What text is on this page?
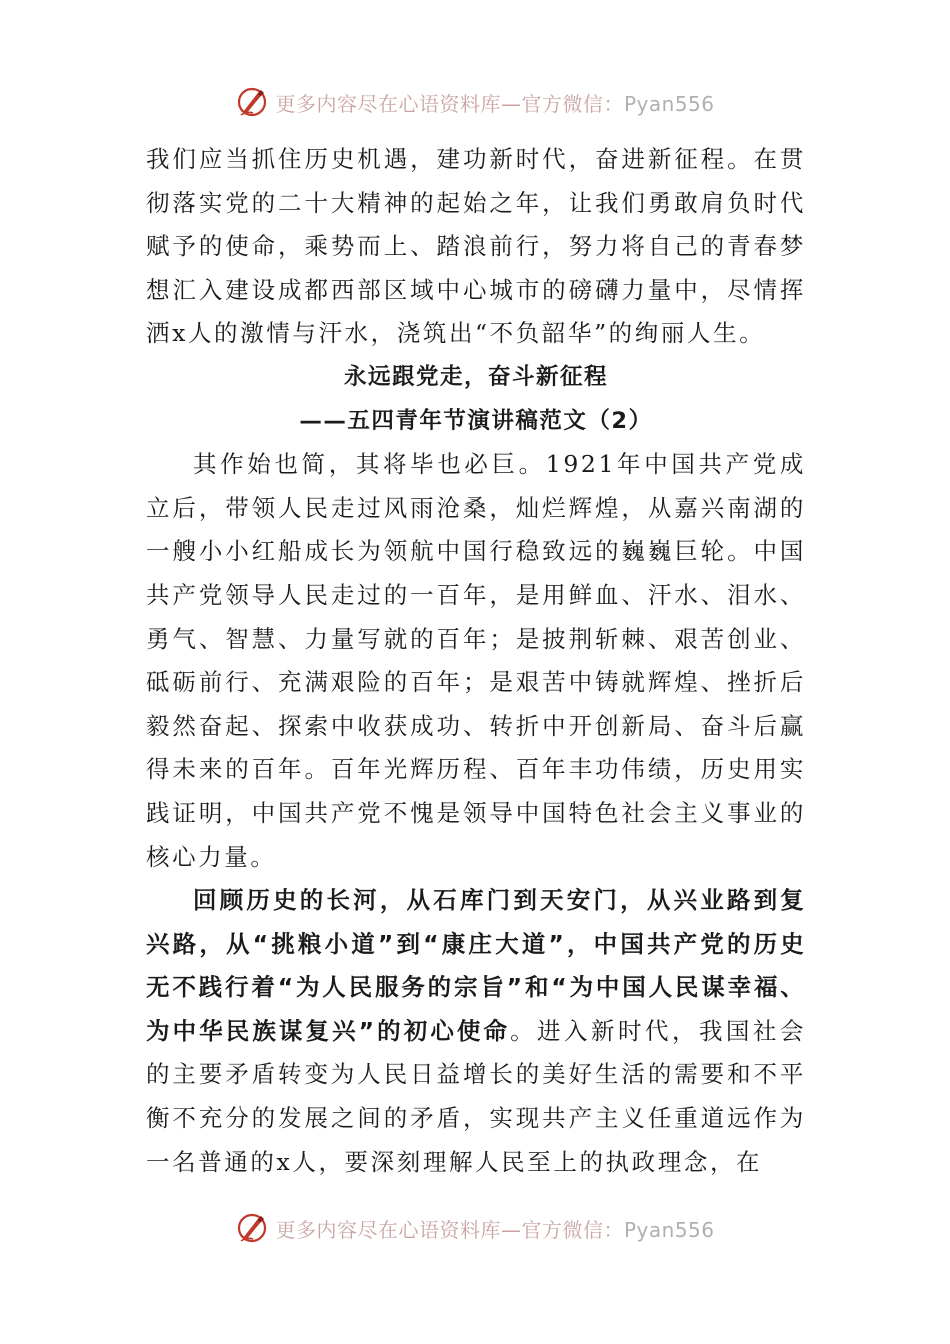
更多内容尽在心语资料库—官方微信：Pyan556

我们应当抓住历史机遇，建功新时代，奋进新征程。在贯彻落实党的二十大精神的起始之年，让我们勇敢肩负时代赋予的使命，乘势而上、踏浪前行，努力将自己的青春梦想汇入建设成都西部区域中心城市的磅礴力量中，尽情挥洒x人的激情与汗水，浇筑出“不负韶华”的绚丽人生。

永远跟党走，奋斗新征程

——五四青年节演讲稿范文（2）

其作始也简，其将毕也必巨。1921年中国共产党成立后，带领人民走过风雨沧桑，灿烂辉煌，从嘉兴南湖的一艘小小红船成长为领航中国行稳致远的巍巍巨轮。中国共产党领导人民走过的一百年，是用鲜血、汗水、泪水、勇气、智慧、力量写就的百年；是披荆斩棘、艰苦创业、砥砺前行、充满艰险的百年；是艰苦中铸就辉煌、挫折后毅然奋起、探索中收获成功、转折中开创新局、奋斗后赢得未来的百年。百年光辉历程、百年丰功伟绩，历史用实践证明，中国共产党不愧是领导中国特色社会主义事业的核心力量。

回顾历史的长河，从石库门到天安门，从兴业路到复兴路，从“挑粮小道”到“康庄大道”，中国共产党的历史无不践行着“为人民服务的宗旨”和“为中国人民谋幸福、为中华民族谋复兴”的初心使命。进入新时代，我国社会的主要矛盾转变为人民日益增长的美好生活的需要和不平衡不充分的发展之间的矛盾，实现共产主义任重道远作为一名普通的x人，要深刻理解人民至上的执政理念，在

更多内容尽在心语资料库—官方微信：Pyan556
